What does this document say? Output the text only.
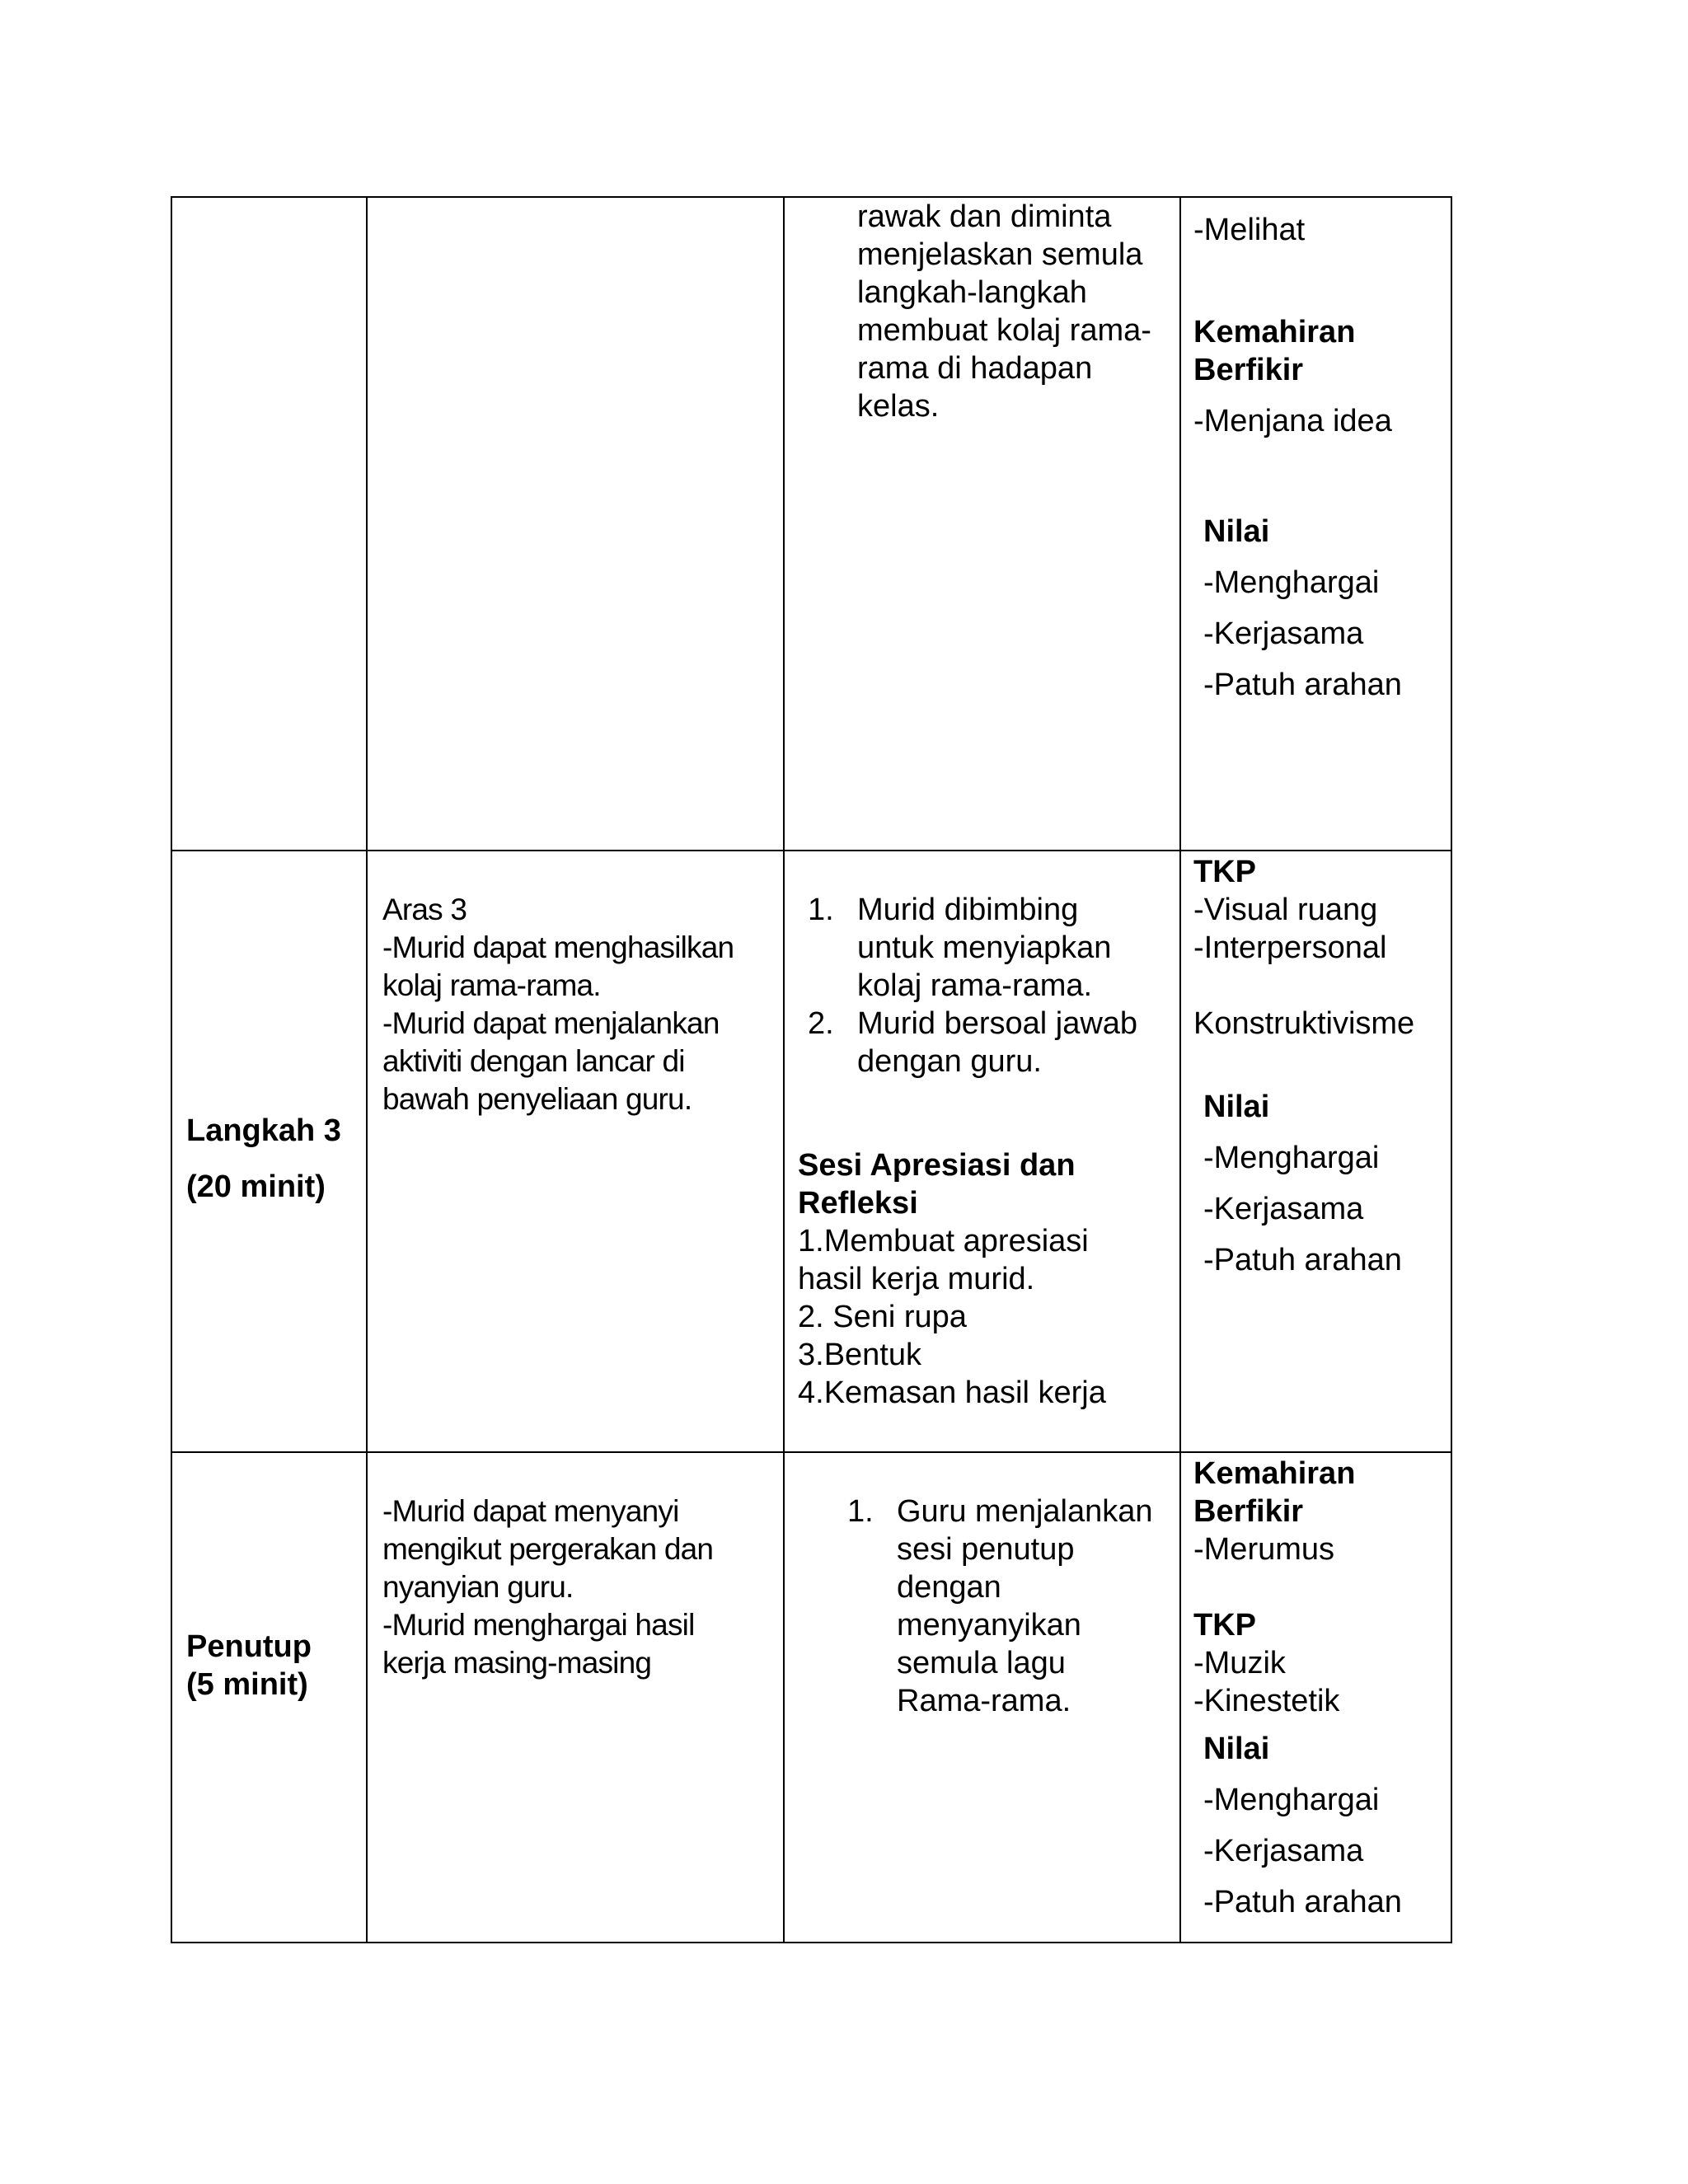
rawak dan diminta
menjelaskan semula
langkah-langkah
membuat kolaj rama-
rama di hadapan
kelas.
-Melihat
Kemahiran
Berfikir
-Menjana idea
Nilai
-Menghargai
-Kerjasama
-Patuh arahan
Langkah 3
(20 minit)
Aras 3
-Murid dapat menghasilkan
kolaj rama-rama.
-Murid dapat menjalankan
aktiviti dengan lancar di
bawah penyeliaan guru.
1. Murid dibimbing
untuk menyiapkan
kolaj rama-rama.
2. Murid bersoal jawab
dengan guru.
Sesi Apresiasi dan
Refleksi
1.Membuat apresiasi
hasil kerja murid.
2. Seni rupa
3.Bentuk
4.Kemasan hasil kerja
TKP
-Visual ruang
-Interpersonal
Konstruktivisme
Nilai
-Menghargai
-Kerjasama
-Patuh arahan
Penutup
(5 minit)
-Murid dapat menyanyi
mengikut pergerakan dan
nyanyian guru.
-Murid menghargai hasil
kerja masing-masing
1. Guru menjalankan
sesi penutup
dengan
menyanyikan
semula lagu
Rama-rama.
Kemahiran
Berfikir
-Merumus
TKP
-Muzik
-Kinestetik
Nilai
-Menghargai
-Kerjasama
-Patuh arahan
